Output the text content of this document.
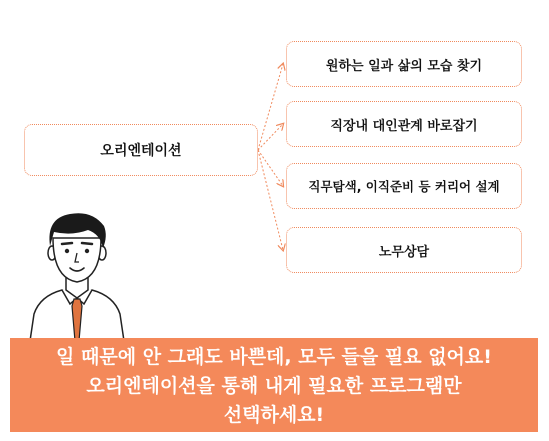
오리엔테이션
원하는 일과 삶의 모습 찾기
직장내 대인관계 바로잡기
직무탐색, 이직준비 등 커리어 설계
노무상담
일 때문에 안 그래도 바쁜데, 모두 들을 필요 없어요!
오리엔테이션을 통해 내게 필요한 프로그램만
선택하세요!
